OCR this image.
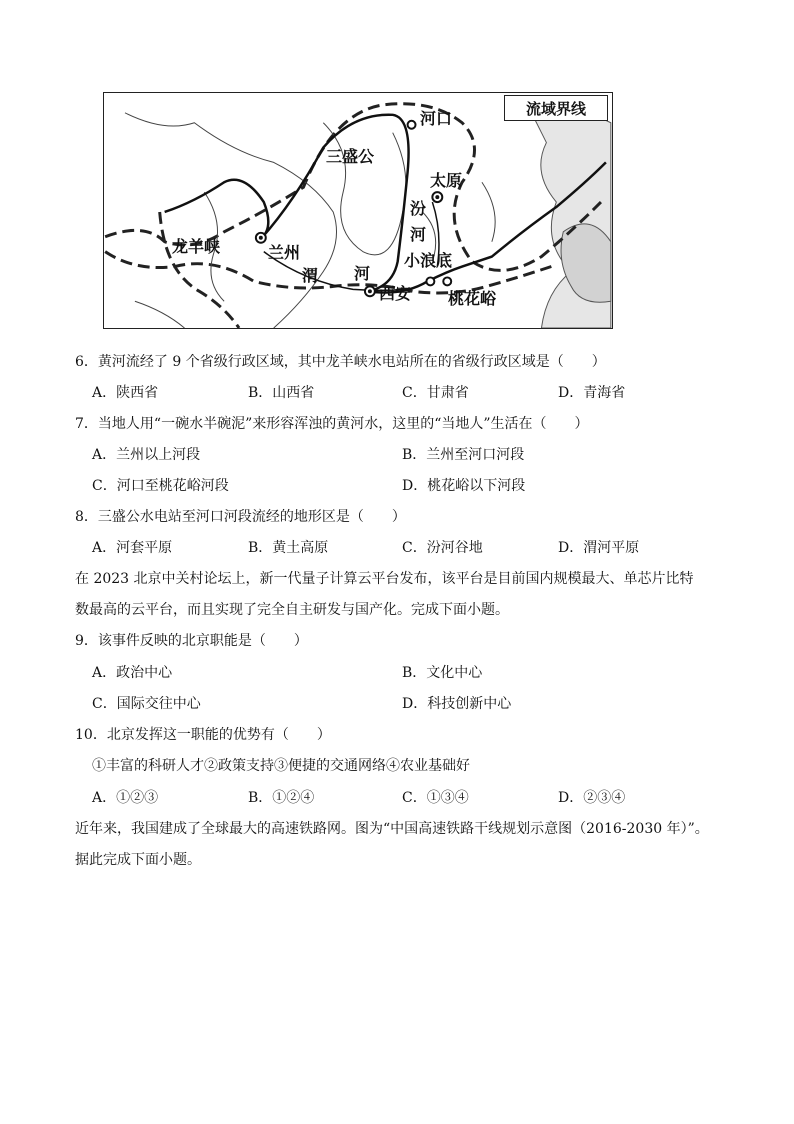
流域界线
河口
三盛公
太原
汾
河
小浪底
龙羊峡	兰州
渭 河
西安 桃花峪
6．黄河流经了 9 个省级行政区域，其中龙羊峡水电站所在的省级行政区域是（　　）
A．陕西省	B．山西省	C．甘肃省	D．青海省
7．当地人用“一碗水半碗泥”来形容浑浊的黄河水，这里的“当地人”生活在（　　）
A．兰州以上河段	B．兰州至河口河段
C．河口至桃花峪河段	D．桃花峪以下河段
8．三盛公水电站至河口河段流经的地形区是（　　）
A．河套平原	B．黄土高原	C．汾河谷地	D．渭河平原
在 2023 北京中关村论坛上，新一代量子计算云平台发布，该平台是目前国内规模最大、单芯片比特
数最高的云平台，而且实现了完全自主研发与国产化。完成下面小题。
9．该事件反映的北京职能是（　　）
A．政治中心	B．文化中心
C．国际交往中心	D．科技创新中心
10．北京发挥这一职能的优势有（　　）
①丰富的科研人才②政策支持③便捷的交通网络④农业基础好
A．①②③	B．①②④	C．①③④	D．②③④
近年来，我国建成了全球最大的高速铁路网。图为“中国高速铁路干线规划示意图（2016-2030 年）”。
据此完成下面小题。
